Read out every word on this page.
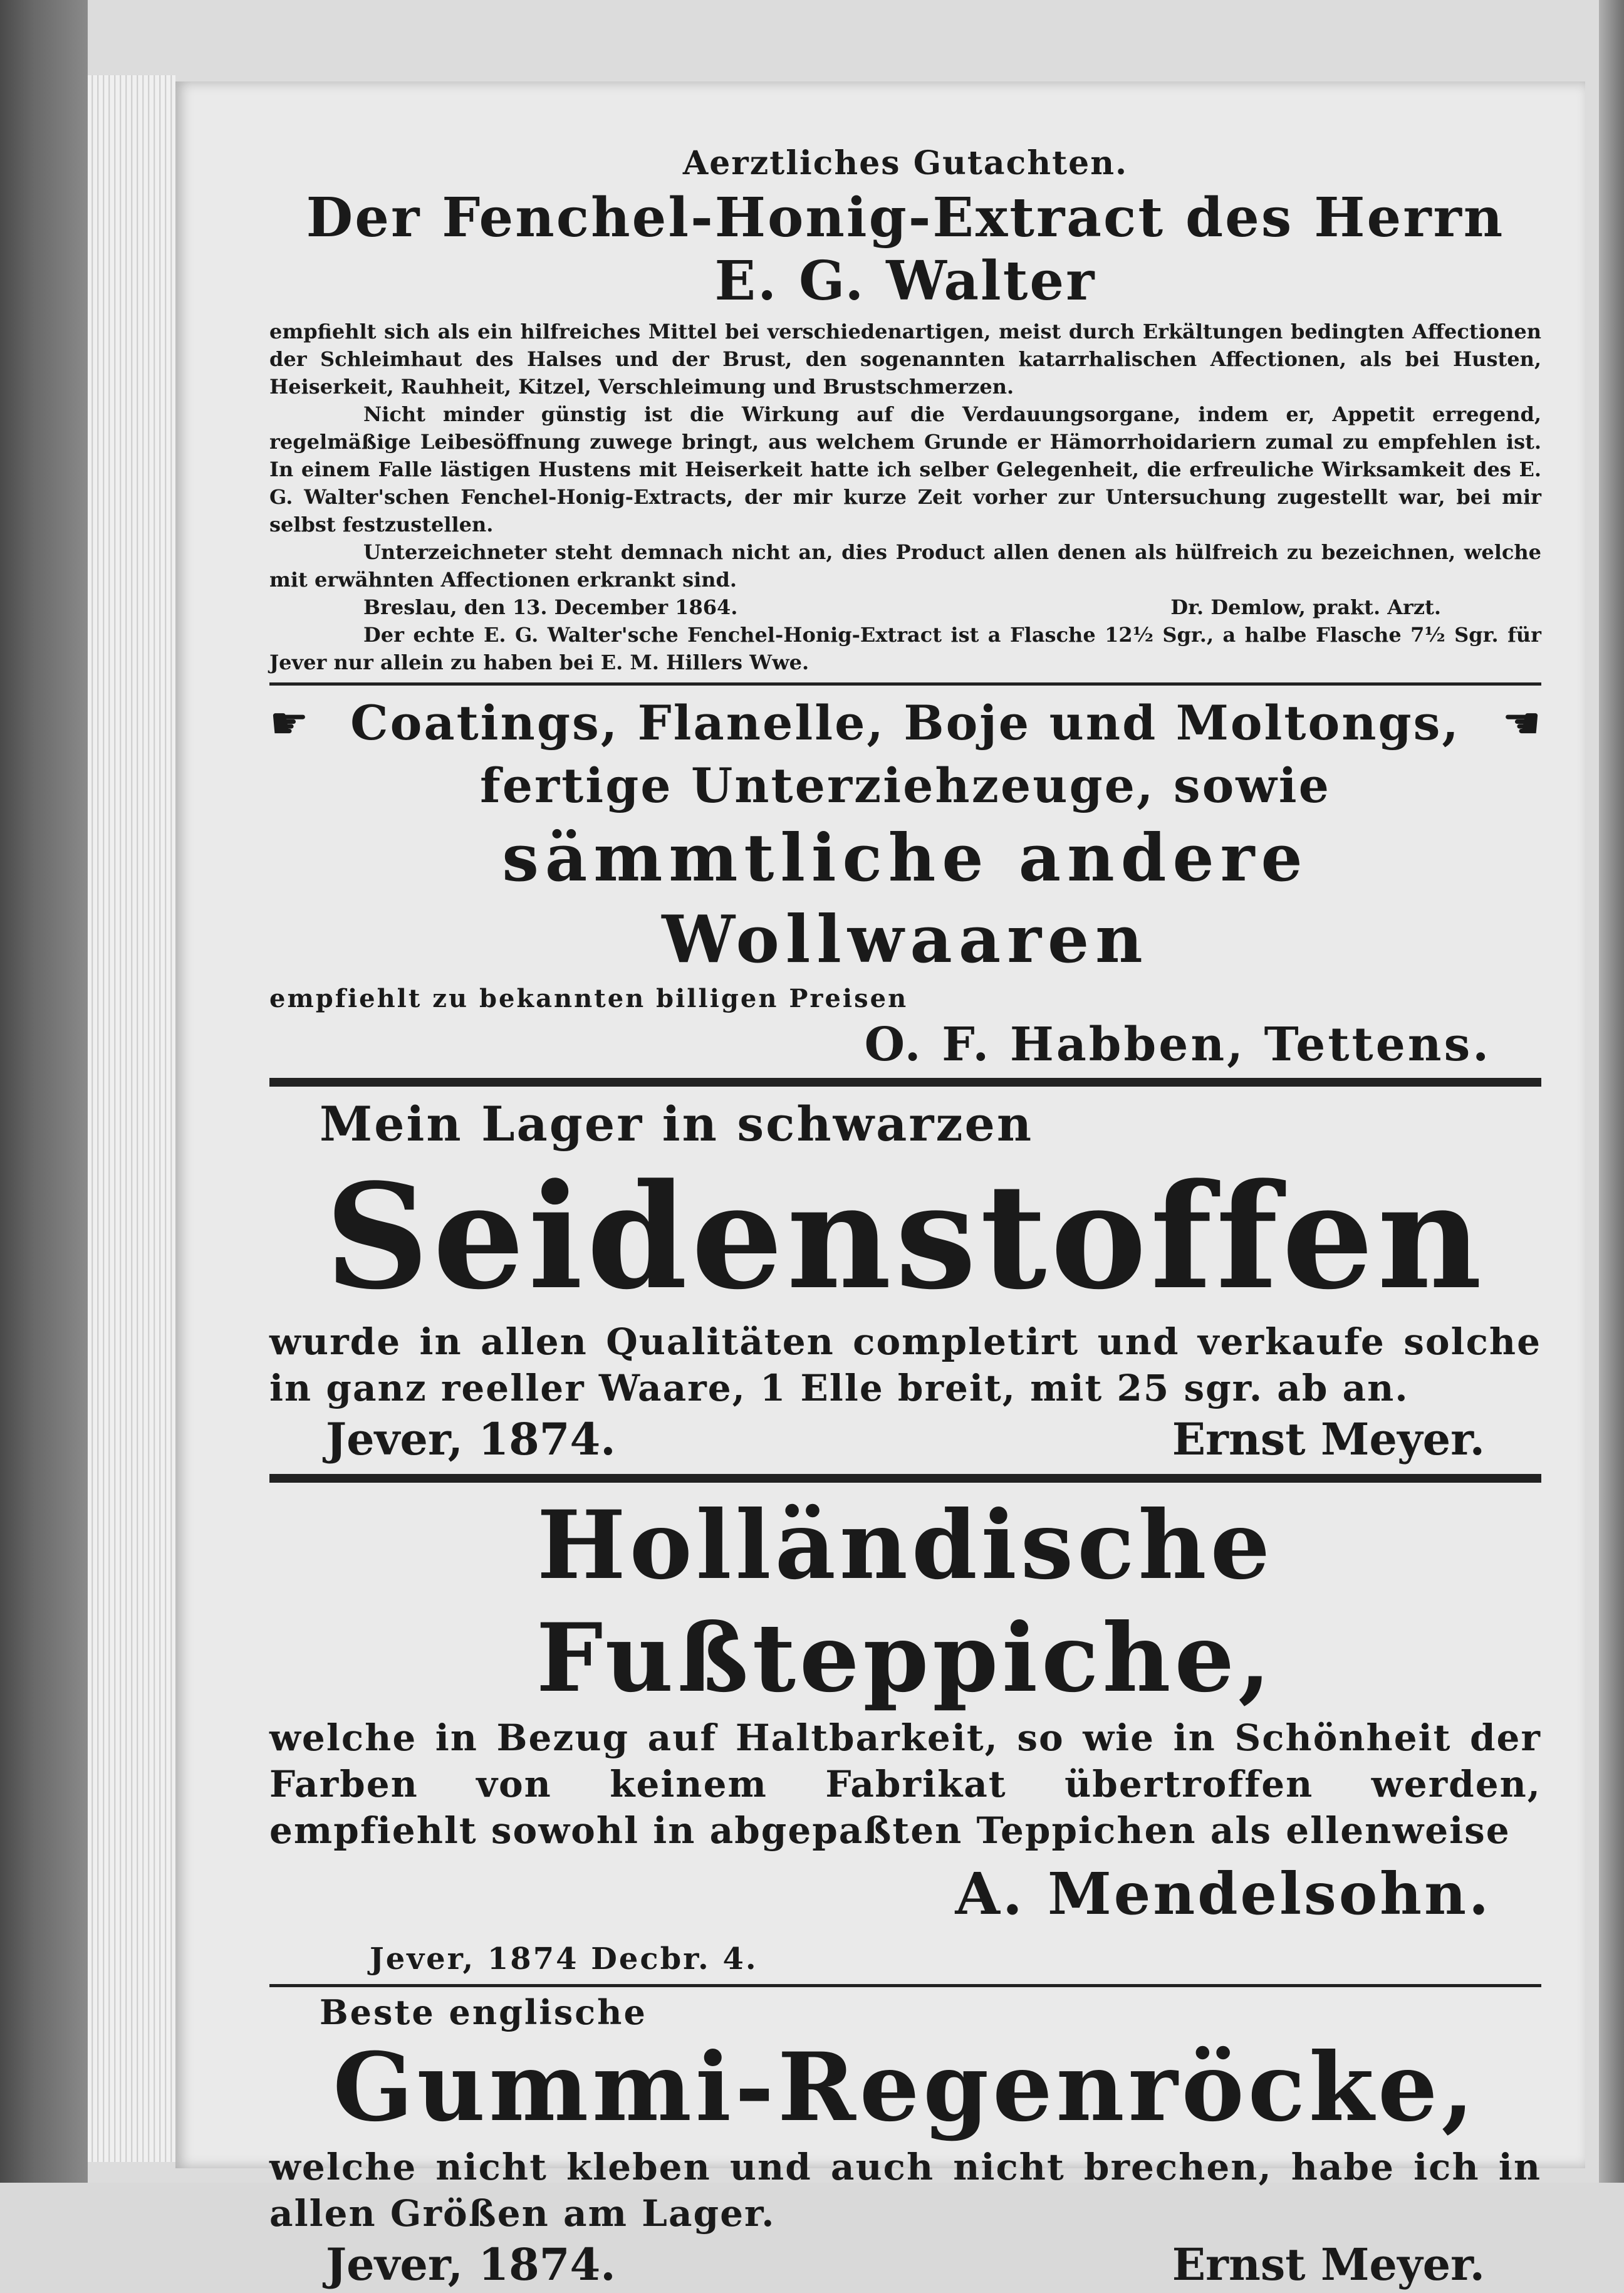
Aerztliches Gutachten.
Der Fenchel-Honig-Extract des Herrn E. G. Walter

empfiehlt sich als ein hilfreiches Mittel bei verschiedenartigen, meist durch Erkältungen bedingten Affectionen der Schleimhaut des Halses und der Brust, den sogenannten katarrhalischen Affectionen, als bei Husten, Heiserkeit, Rauhheit, Kitzel, Verschleimung und Brustschmerzen.

Nicht minder günstig ist die Wirkung auf die Verdauungsorgane, indem er, Appetit erregend, regelmäßige Leibesöffnung zuwege bringt, aus welchem Grunde er Hämorrhoidariern zumal zu empfehlen ist. In einem Falle lästigen Hustens mit Heiserkeit hatte ich selber Gelegenheit, die erfreuliche Wirksamkeit des E. G. Walter'schen Fenchel-Honig-Extracts, der mir kurze Zeit vorher zur Untersuchung zugestellt war, bei mir selbst festzustellen.

Unterzeichneter steht demnach nicht an, dies Product allen denen als hülfreich zu bezeichnen, welche mit erwähnten Affectionen erkrankt sind.

Breslau, den 13. December 1864.	Dr. Demlow, prakt. Arzt.

Der echte E. G. Walter'sche Fenchel-Honig-Extract ist a Flasche 12½ Sgr., a halbe Flasche 7½ Sgr. für Jever nur allein zu haben bei E. M. Hillers Wwe.

☛ Coatings, Flanelle, Boje und Moltongs, ☚
fertige Unterziehzeuge, sowie
sämmtliche andere Wollwaaren
empfiehlt zu bekannten billigen Preisen
O. F. Habben, Tettens.
Mein Lager in schwarzen
Seidenstoffen
wurde in allen Qualitäten completirt und verkaufe solche in ganz reeller Waare, 1 Elle breit, mit 25 sgr. ab an.
Jever, 1874.	Ernst Meyer.
Holländische Fußteppiche,
welche in Bezug auf Haltbarkeit, so wie in Schönheit der Farben von keinem Fabrikat übertroffen werden, empfiehlt sowohl in abgepaßten Teppichen als ellenweise
A. Mendelsohn.
Jever, 1874 Decbr. 4.
Beste englische
Gummi-Regenröcke,
welche nicht kleben und auch nicht brechen, habe ich in allen Größen am Lager.
Jever, 1874.	Ernst Meyer.
